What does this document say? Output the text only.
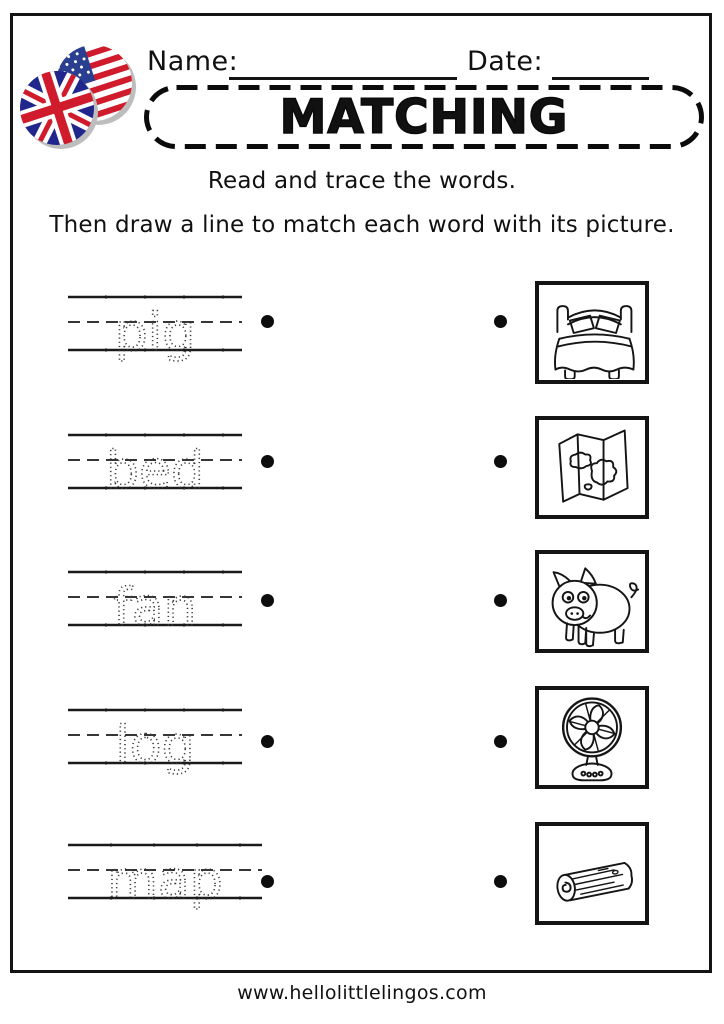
Name:	Date:
MATCHING
Read and trace the words.
Then draw a line to match each word with its picture.
pig
bed
fan
log
map
www.hellolittlelingos.com
